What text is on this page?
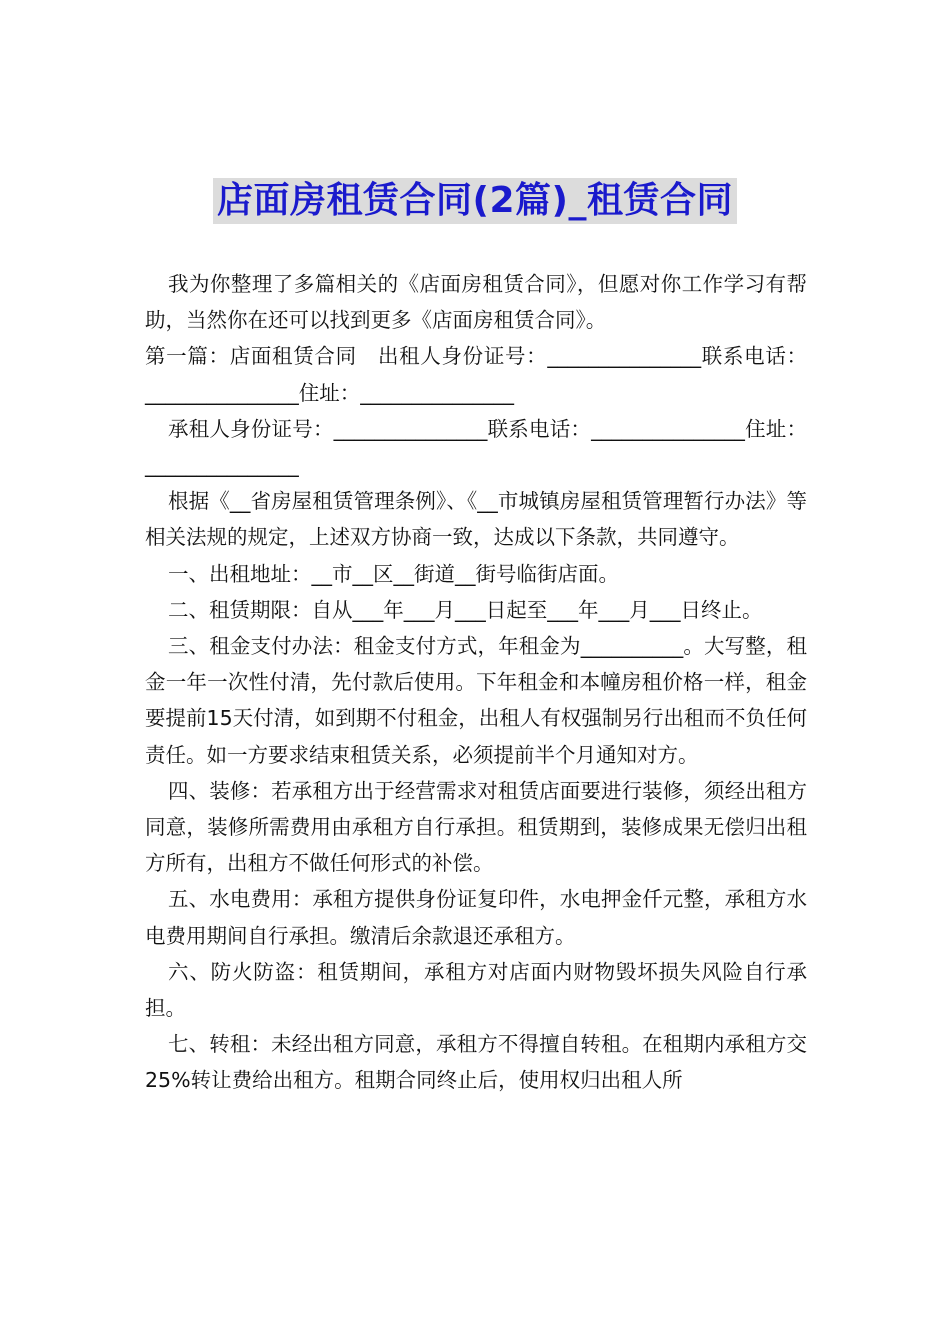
店面房租赁合同(2篇)_租赁合同

我为你整理了多篇相关的《店面房租赁合同》，但愿对你工作学习有帮助，当然你在还可以找到更多《店面房租赁合同》。

第一篇：店面租赁合同　出租人身份证号：_______________联系电话：_______________住址：_______________

承租人身份证号：_______________联系电话：_______________住址：_______________

根据《__省房屋租赁管理条例》、《__市城镇房屋租赁管理暂行办法》等相关法规的规定，上述双方协商一致，达成以下条款，共同遵守。

一、出租地址：__市__区__街道__街号临街店面。

二、租赁期限：自从___年___月___日起至___年___月___日终止。

三、租金支付办法：租金支付方式，年租金为__________。大写整，租金一年一次性付清，先付款后使用。下年租金和本幢房租价格一样，租金要提前15天付清，如到期不付租金，出租人有权强制另行出租而不负任何责任。如一方要求结束租赁关系，必须提前半个月通知对方。

四、装修：若承租方出于经营需求对租赁店面要进行装修，须经出租方同意，装修所需费用由承租方自行承担。租赁期到，装修成果无偿归出租方所有，出租方不做任何形式的补偿。

五、水电费用：承租方提供身份证复印件，水电押金仟元整，承租方水电费用期间自行承担。缴清后余款退还承租方。

六、防火防盗：租赁期间，承租方对店面内财物毁坏损失风险自行承担。

七、转租：未经出租方同意，承租方不得擅自转租。在租期内承租方交25%转让费给出租方。租期合同终止后，使用权归出租人所
